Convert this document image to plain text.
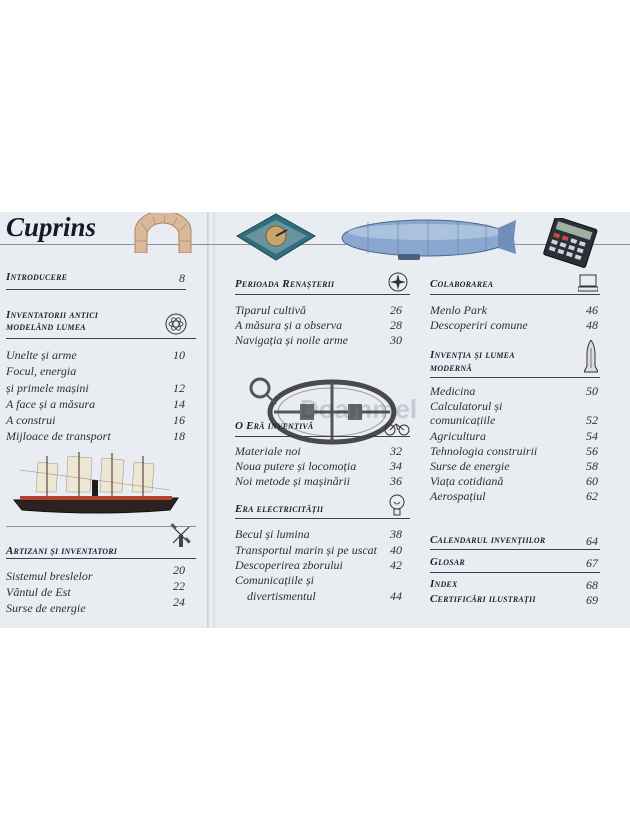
Cuprins
Introducere	8
Inventatorii antici
modelând lumea
Unelte și arme	10
Focul, energia
și primele mașini	12
A face și a măsura	14
A construi	16
Mijloace de transport	18
Artizani și inventatori
Sistemul breslelor	20
Vântul de Est	22
Surse de energie	24
Perioada Renașterii
Tiparul cultivă	26
A măsura și a observa	28
Navigația și noile arme	30
O Eră inventivă
Materiale noi	32
Noua putere și locomoția	34
Noi metode și mașinării	36
Era electricității
Becul și lumina	38
Transportul marin și pe uscat	40
Descoperirea zborului	42
Comunicațiile și
divertismentul	44
Doammel
Colaborarea
Menlo Park	46
Descoperiri comune	48
Invenția și lumea
modernă
Medicina	50
Calculatorul și
comunicațiile	52
Agricultura	54
Tehnologia construirii	56
Surse de energie	58
Viața cotidiană	60
Aerospațiul	62
Calendarul invențiilor	64
Glosar	67
Index	68
Certificări ilustrații	69
